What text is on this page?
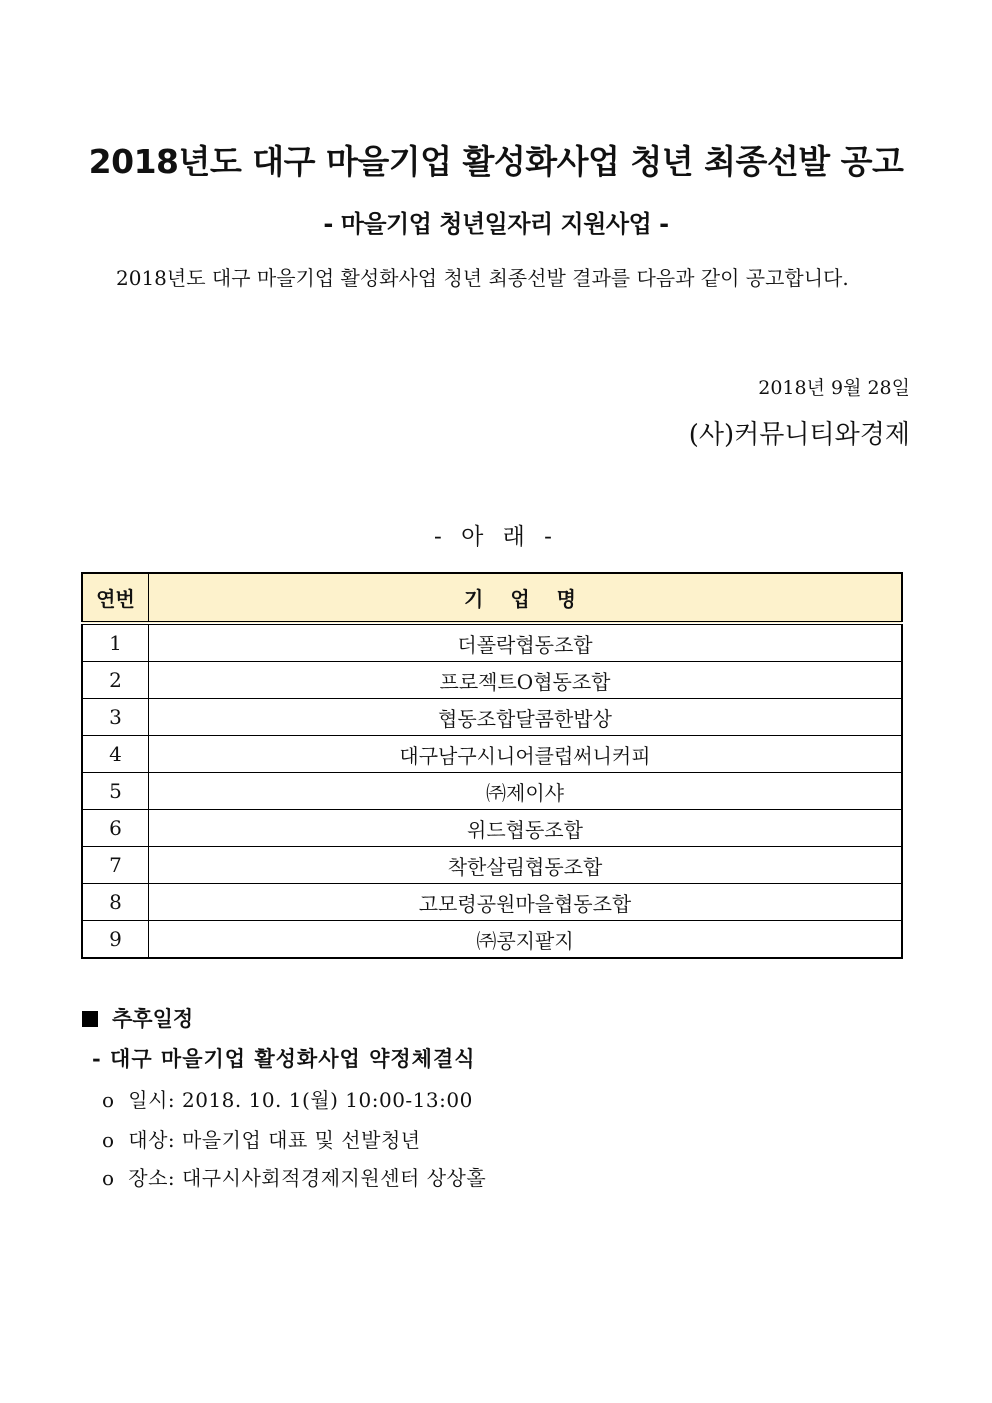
2018년도 대구 마을기업 활성화사업 청년 최종선발 공고
- 마을기업 청년일자리 지원사업 -
2018년도 대구 마을기업 활성화사업 청년 최종선발 결과를 다음과 같이 공고합니다.
2018년 9월 28일
(사)커뮤니티와경제
- 아 래 -
연번	기 업 명
1	더폴락협동조합
2	프로젝트O협동조합
3	협동조합달콤한밥상
4	대구남구시니어클럽써니커피
5	㈜제이샤
6	위드협동조합
7	착한살림협동조합
8	고모령공원마을협동조합
9	㈜콩지팥지
추후일정
- 대구 마을기업 활성화사업 약정체결식
o  일시: 2018. 10. 1(월) 10:00-13:00
o  대상: 마을기업 대표 및 선발청년
o  장소: 대구시사회적경제지원센터 상상홀
